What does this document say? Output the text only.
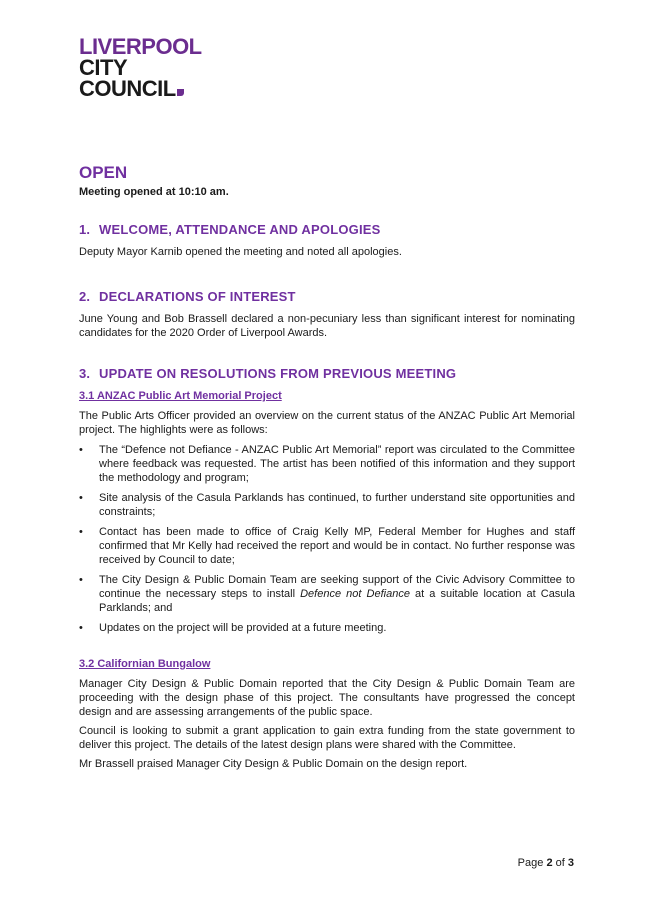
LIVERPOOL
CITY
COUNCIL
OPEN

Meeting opened at 10:10 am.

1. WELCOME, ATTENDANCE AND APOLOGIES

Deputy Mayor Karnib opened the meeting and noted all apologies.

2. DECLARATIONS OF INTEREST

June Young and Bob Brassell declared a non-pecuniary less than significant interest for nominating candidates for the 2020 Order of Liverpool Awards.

3. UPDATE ON RESOLUTIONS FROM PREVIOUS MEETING

3.1 ANZAC Public Art Memorial Project

The Public Arts Officer provided an overview on the current status of the ANZAC Public Art Memorial project. The highlights were as follows:

•	The “Defence not Defiance - ANZAC Public Art Memorial” report was circulated to the Committee where feedback was requested. The artist has been notified of this information and they support the methodology and program;
•	Site analysis of the Casula Parklands has continued, to further understand site opportunities and constraints;
•	Contact has been made to office of Craig Kelly MP, Federal Member for Hughes and staff confirmed that Mr Kelly had received the report and would be in contact. No further response was received by Council to date;
•	The City Design & Public Domain Team are seeking support of the Civic Advisory Committee to continue the necessary steps to install Defence not Defiance at a suitable location at Casula Parklands; and
•	Updates on the project will be provided at a future meeting.

3.2 Californian Bungalow

Manager City Design & Public Domain reported that the City Design & Public Domain Team are proceeding with the design phase of this project. The consultants have progressed the concept design and are assessing arrangements of the public space.

Council is looking to submit a grant application to gain extra funding from the state government to deliver this project. The details of the latest design plans were shared with the Committee.

Mr Brassell praised Manager City Design & Public Domain on the design report.

Page 2 of 3
